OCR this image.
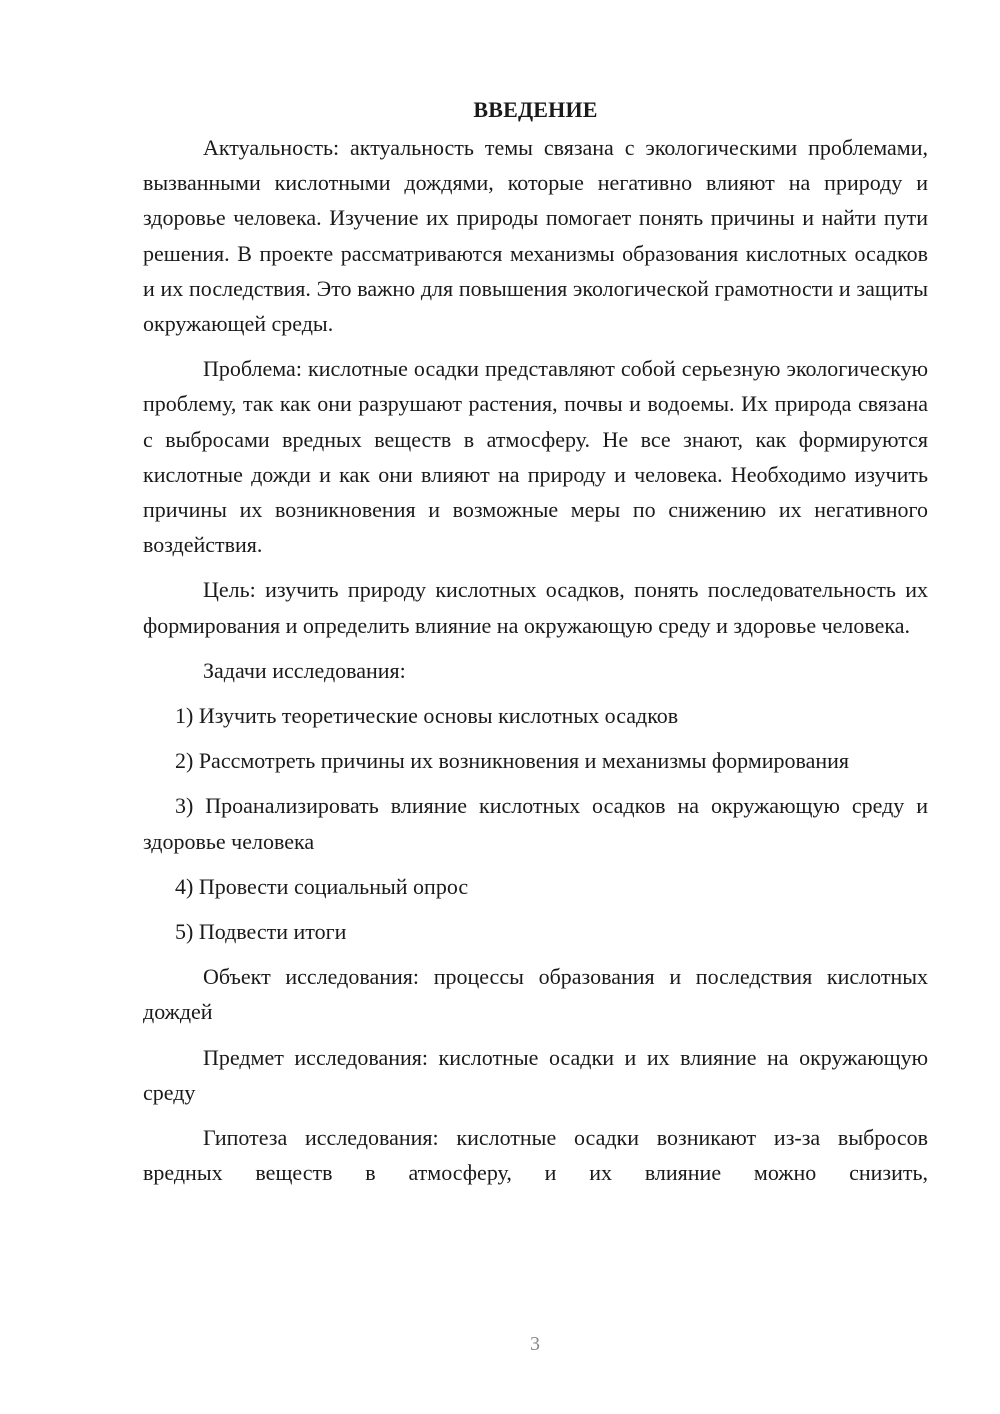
ВВЕДЕНИЕ

Актуальность: актуальность темы связана с экологическими проблемами, вызванными кислотными дождями, которые негативно влияют на природу и здоровье человека. Изучение их природы помогает понять причины и найти пути решения. В проекте рассматриваются механизмы образования кислотных осадков и их последствия. Это важно для повышения экологической грамотности и защиты окружающей среды.

Проблема: кислотные осадки представляют собой серьезную экологическую проблему, так как они разрушают растения, почвы и водоемы. Их природа связана с выбросами вредных веществ в атмосферу. Не все знают, как формируются кислотные дожди и как они влияют на природу и человека. Необходимо изучить причины их возникновения и возможные меры по снижению их негативного воздействия.

Цель: изучить природу кислотных осадков, понять последовательность их формирования и определить влияние на окружающую среду и здоровье человека.

Задачи исследования:

1) Изучить теоретические основы кислотных осадков

2) Рассмотреть причины их возникновения и механизмы формирования

3) Проанализировать влияние кислотных осадков на окружающую среду и здоровье человека

4) Провести социальный опрос

5) Подвести итоги

Объект исследования: процессы образования и последствия кислотных дождей

Предмет исследования: кислотные осадки и их влияние на окружающую среду

Гипотеза исследования: кислотные осадки возникают из-за выбросов вредных веществ в атмосферу, и их влияние можно снизить,

3
